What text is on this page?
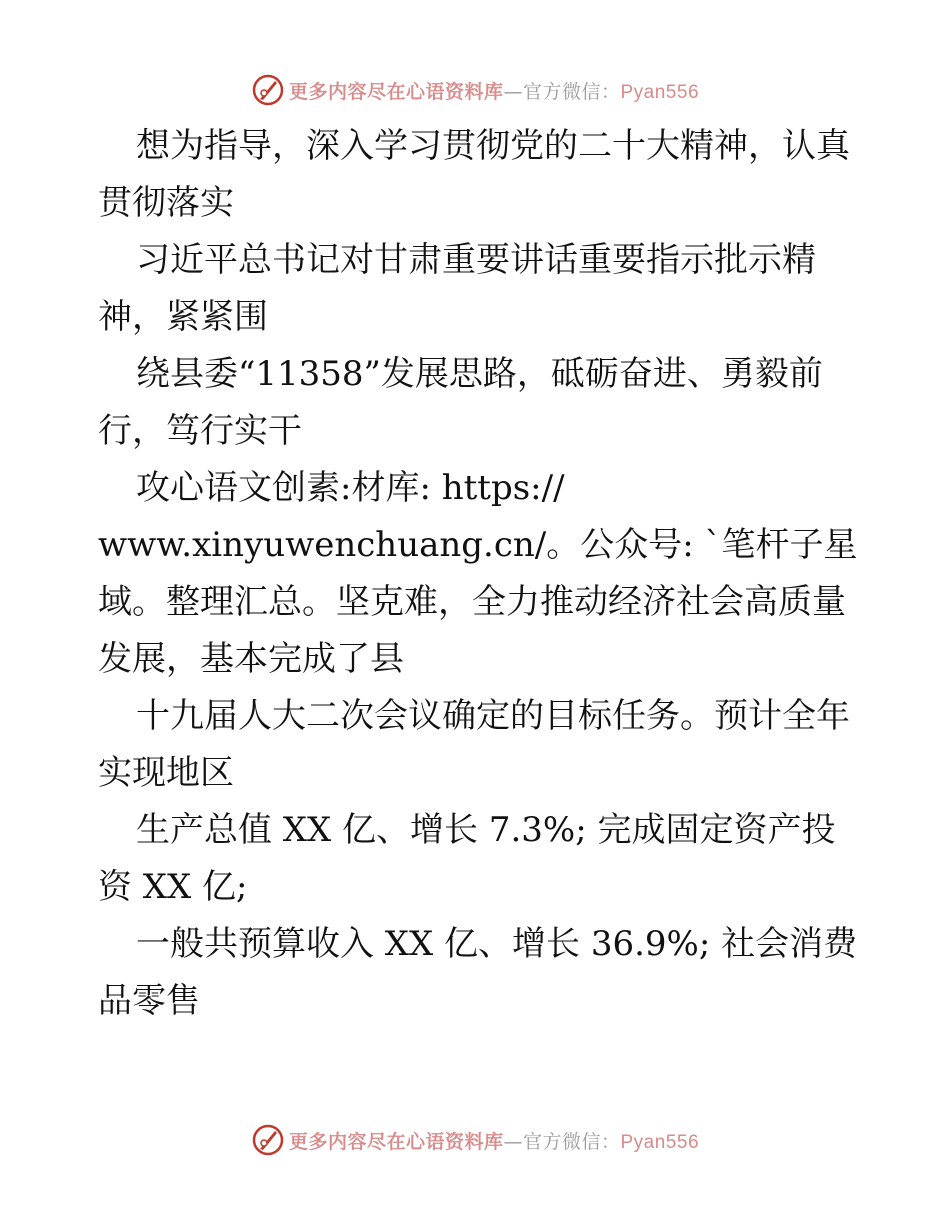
更多内容尽在心语资料库—官方微信：Pyan556
想为指导，深入学习贯彻党的二十大精神，认真
贯彻落实
习近平总书记对甘肃重要讲话重要指示批示精
神，紧紧围
绕县委“11358”发展思路，砥砺奋进、勇毅前
行，笃行实干
攻心语文创素:材库: https://
www.xinyuwenchuang.cn/。公众号: `笔杆子星
域。整理汇总。坚克难，全力推动经济社会高质量
发展，基本完成了县
十九届人大二次会议确定的目标任务。预计全年
实现地区
生产总值 XX 亿、增长 7.3%; 完成固定资产投
资 XX 亿;
一般共预算收入 XX 亿、增长 36.9%; 社会消费
品零售
更多内容尽在心语资料库—官方微信：Pyan556
